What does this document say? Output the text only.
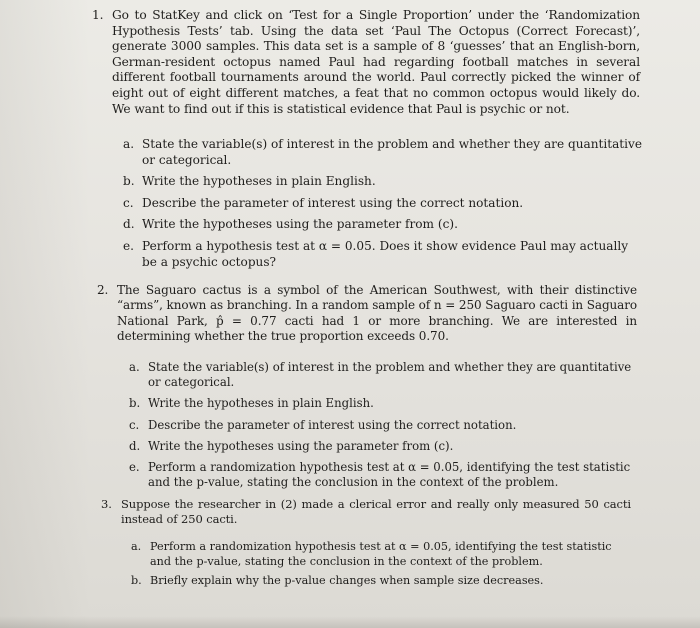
1. Go to StatKey and click on ‘Test for a Single Proportion’ under the ‘Randomization Hypothesis Tests’ tab. Using the data set ‘Paul The Octopus (Correct Forecast)’, generate 3000 samples. This data set is a sample of 8 ‘guesses’ that an English-born, German-resident octopus named Paul had regarding football matches in several different football tournaments around the world. Paul correctly picked the winner of eight out of eight different matches, a feat that no common octopus would likely do. We want to find out if this is statistical evidence that Paul is psychic or not.

a. State the variable(s) of interest in the problem and whether they are quantitative or categorical.
b. Write the hypotheses in plain English.
c. Describe the parameter of interest using the correct notation.
d. Write the hypotheses using the parameter from (c).
e. Perform a hypothesis test at α = 0.05. Does it show evidence Paul may actually be a psychic octopus?
2. The Saguaro cactus is a symbol of the American Southwest, with their distinctive “arms”, known as branching. In a random sample of n = 250 Saguaro cacti in Saguaro National Park, p̂ = 0.77 cacti had 1 or more branching. We are interested in determining whether the true proportion exceeds 0.70.

a. State the variable(s) of interest in the problem and whether they are quantitative or categorical.
b. Write the hypotheses in plain English.
c. Describe the parameter of interest using the correct notation.
d. Write the hypotheses using the parameter from (c).
e. Perform a randomization hypothesis test at α = 0.05, identifying the test statistic and the p-value, stating the conclusion in the context of the problem.
3. Suppose the researcher in (2) made a clerical error and really only measured 50 cacti instead of 250 cacti.

a. Perform a randomization hypothesis test at α = 0.05, identifying the test statistic and the p-value, stating the conclusion in the context of the problem.
b. Briefly explain why the p-value changes when sample size decreases.
